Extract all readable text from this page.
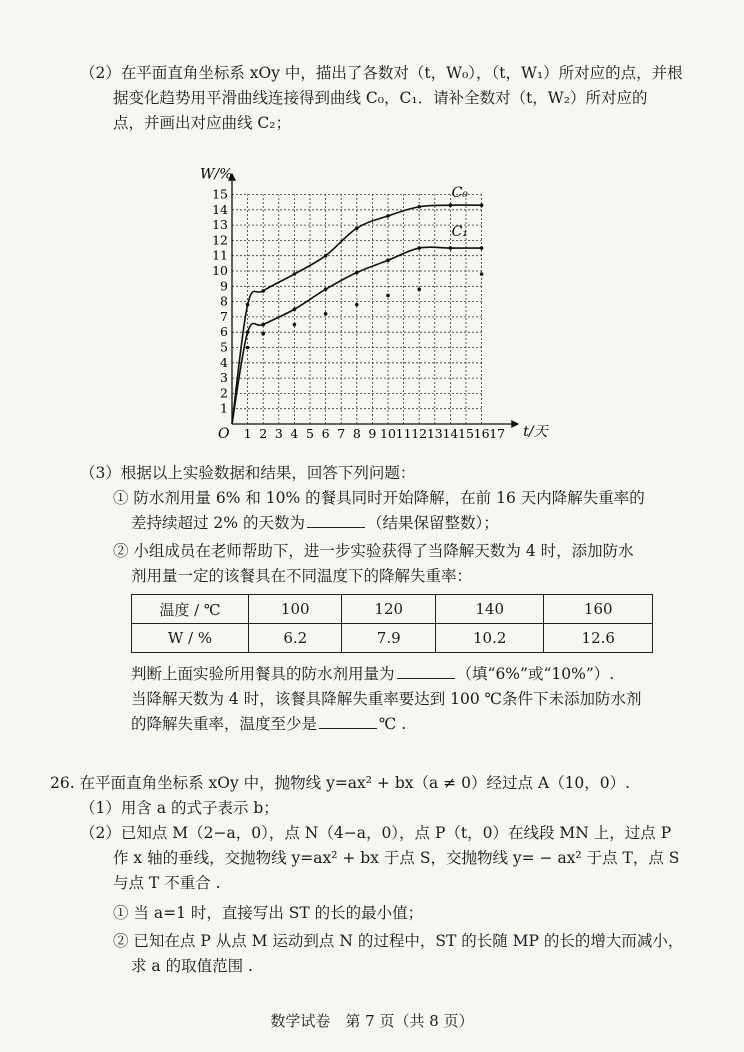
（2）在平面直角坐标系 xOy 中，描出了各数对（t，W₀），（t，W₁）所对应的点，并根
据变化趋势用平滑曲线连接得到曲线 C₀，C₁．请补全数对（t，W₂）所对应的
点，并画出对应曲线 C₂；
1 2 3 4 5 6 7 8 9 10 11 12 13 14 15 16 17
1
2
3
4
5
6
7
8
9
10
11
12
13
14
15
O	t/天
W/%
C₀
C₁
（3）根据以上实验数据和结果，回答下列问题：
① 防水剂用量 6% 和 10% 的餐具同时开始降解，在前 16 天内降解失重率的
差持续超过 2% 的天数为	（结果保留整数）；
② 小组成员在老师帮助下，进一步实验获得了当降解天数为 4 时，添加防水
剂用量一定的该餐具在不同温度下的降解失重率：
温度 / ℃	100	120	140	160
W / %	6.2	7.9	10.2	12.6
判断上面实验所用餐具的防水剂用量为	（填“6%”或“10%”）.
当降解天数为 4 时，该餐具降解失重率要达到 100 ℃条件下未添加防水剂
的降解失重率，温度至少是	℃ .
26. 在平面直角坐标系 xOy 中，抛物线 y=ax² + bx（a ≠ 0）经过点 A（10，0）.
（1）用含 a 的式子表示 b；
（2）已知点 M（2−a，0），点 N（4−a，0），点 P（t，0）在线段 MN 上，过点 P
作 x 轴的垂线，交抛物线 y=ax² + bx 于点 S，交抛物线 y= − ax² 于点 T，点 S
与点 T 不重合 .
① 当 a=1 时，直接写出 ST 的长的最小值；
② 已知在点 P 从点 M 运动到点 N 的过程中，ST 的长随 MP 的长的增大而减小，
求 a 的取值范围 .
数学试卷　第 7 页（共 8 页）
